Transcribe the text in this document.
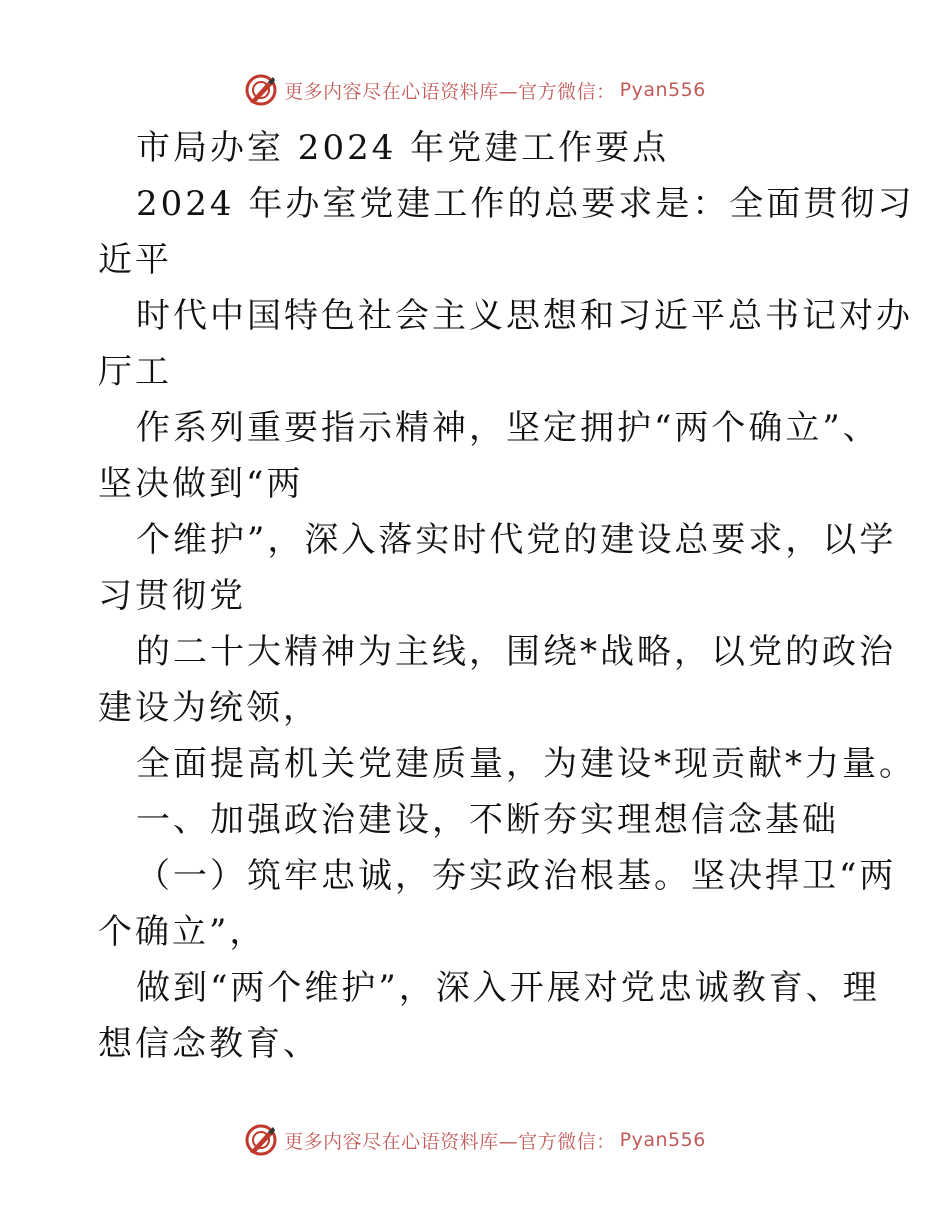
更多内容尽在心语资料库—官方微信： Pyan556
市局办室 2024 年党建工作要点
2024 年办室党建工作的总要求是：全面贯彻习
近平
时代中国特色社会主义思想和习近平总书记对办
厅工
作系列重要指示精神，坚定拥护“两个确立”、
坚决做到“两
个维护”，深入落实时代党的建设总要求，以学
习贯彻党
的二十大精神为主线，围绕*战略，以党的政治
建设为统领，
全面提高机关党建质量，为建设*现贡献*力量。
一、加强政治建设，不断夯实理想信念基础
（一）筑牢忠诚，夯实政治根基。坚决捍卫“两
个确立”，
做到“两个维护”，深入开展对党忠诚教育、理
想信念教育、
更多内容尽在心语资料库—官方微信： Pyan556
